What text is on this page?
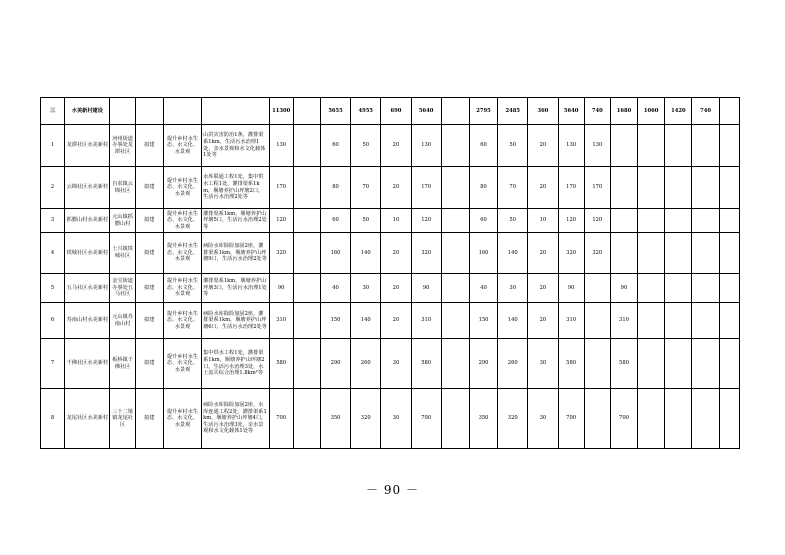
三	水美新村建设					11300		5655	4955	690	5640		2795	2485	360	5640	740	1680	1060	1420	740	
1	龙潭社区水美新村	河州街道办事处龙潭社区	拟建	提升乡村水生态、水文化、水景观	山洪灾害防治1条，灌排渠系1km，生活污水治理1处，亲水景观和水文化载体1处等	130		60	50	20	130		60	50	20	130	130					
2	云锦社区水美新村	自农镇云锦社区	拟建	提升乡村水生态、水文化、水景观	水库联通工程1处，集中供水工程1处，灌排渠系1km，堰塘养护山坪塘2口，生活污水治理2处等	170		80	70	20	170		80	70	20	170	170					
3	抓膘山村水美新村	元山镇抓膘山村	拟建	提升乡村水生态、水文化、水景观	灌排渠系1km，堰塘养护山坪塘5口，生活污水治理2处等	120		60	50	10	120		60	50	10	120	120					
4	铁城社区水美新村	土兴镇铁城社区	拟建	提升乡村水生态、水文化、水景观	病险水库除险加固2座，灌排渠系1km，堰塘养护山坪塘9口，生活污水治理2处等	320		160	140	20	320		160	140	20	320	320					
5	五马社区水美新村	金宝街道办事处五马社区	拟建	提升乡村水生态、水文化、水景观	灌排渠系1km，堰塘养护山坪塘3口，生活污水治理1处等	90		40	30	20	90		40	30	20	90		90				
6	寿南山村水美新村	元山镇寿南山村	拟建	提升乡村水生态、水文化、水景观	病险水库除险加固2座，灌排渠系1km，堰塘养护山坪塘6口，生活污水治理2处等	310		150	140	20	310		150	140	20	310		310				
7	千佛社区水美新村	板桥镇千佛社区	拟建	提升乡村水生态、水文化、水景观	集中供水工程1处，灌排渠系1km，堰塘养护山坪塘2口，生活污水治理3处，水土流失综合治理1.8km²等	580		290	260	30	580		290	260	30	580		580				
8	龙尾社区水美新村	三十二梁镇龙尾社区	拟建	提升乡村水生态、水文化、水景观	病险水库除险加固2座，水库连通工程2处，灌排渠系1km，堰塘养护山坪塘4口，生活污水治理3处，亲水景观和水文化载体1处等	700		350	320	30	700		350	320	30	700		700				
－ 90 －
